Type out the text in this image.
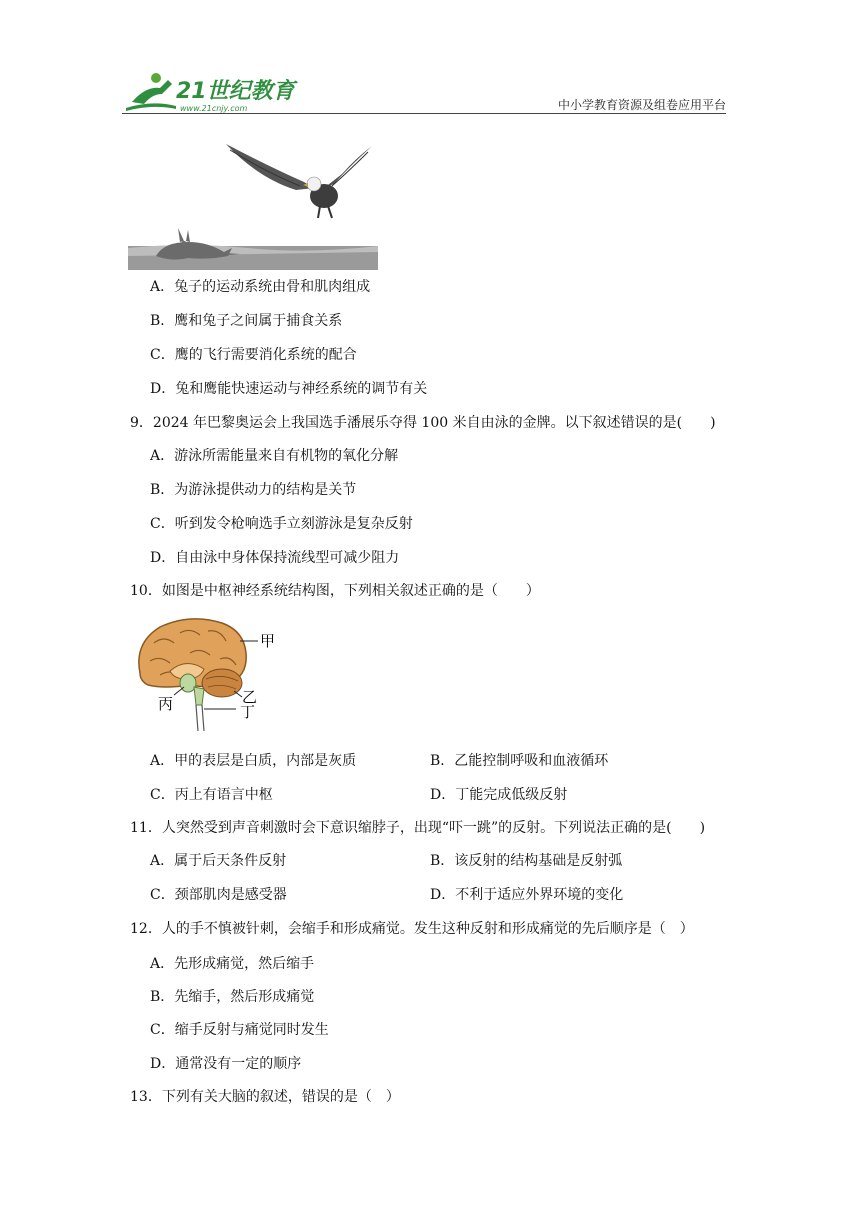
21世纪教育
www.21cnjy.com	中小学教育资源及组卷应用平台
A．兔子的运动系统由骨和肌肉组成
B．鹰和兔子之间属于捕食关系
C．鹰的飞行需要消化系统的配合
D．兔和鹰能快速运动与神经系统的调节有关
9．2024 年巴黎奥运会上我国选手潘展乐夺得 100 米自由泳的金牌。以下叙述错误的是(　　)
A．游泳所需能量来自有机物的氧化分解
B．为游泳提供动力的结构是关节
C．听到发令枪响选手立刻游泳是复杂反射
D．自由泳中身体保持流线型可减少阻力
10．如图是中枢神经系统结构图，下列相关叙述正确的是（　　）
甲
乙
丁
丙
A．甲的表层是白质，内部是灰质	B．乙能控制呼吸和血液循环
C．丙上有语言中枢	D．丁能完成低级反射
11．人突然受到声音刺激时会下意识缩脖子，出现“吓一跳”的反射。下列说法正确的是(　　)
A．属于后天条件反射	B．该反射的结构基础是反射弧
C．颈部肌肉是感受器	D．不利于适应外界环境的变化
12．人的手不慎被针刺，会缩手和形成痛觉。发生这种反射和形成痛觉的先后顺序是（　）
A．先形成痛觉，然后缩手
B．先缩手，然后形成痛觉
C．缩手反射与痛觉同时发生
D．通常没有一定的顺序
13．下列有关大脑的叙述，错误的是（　）
